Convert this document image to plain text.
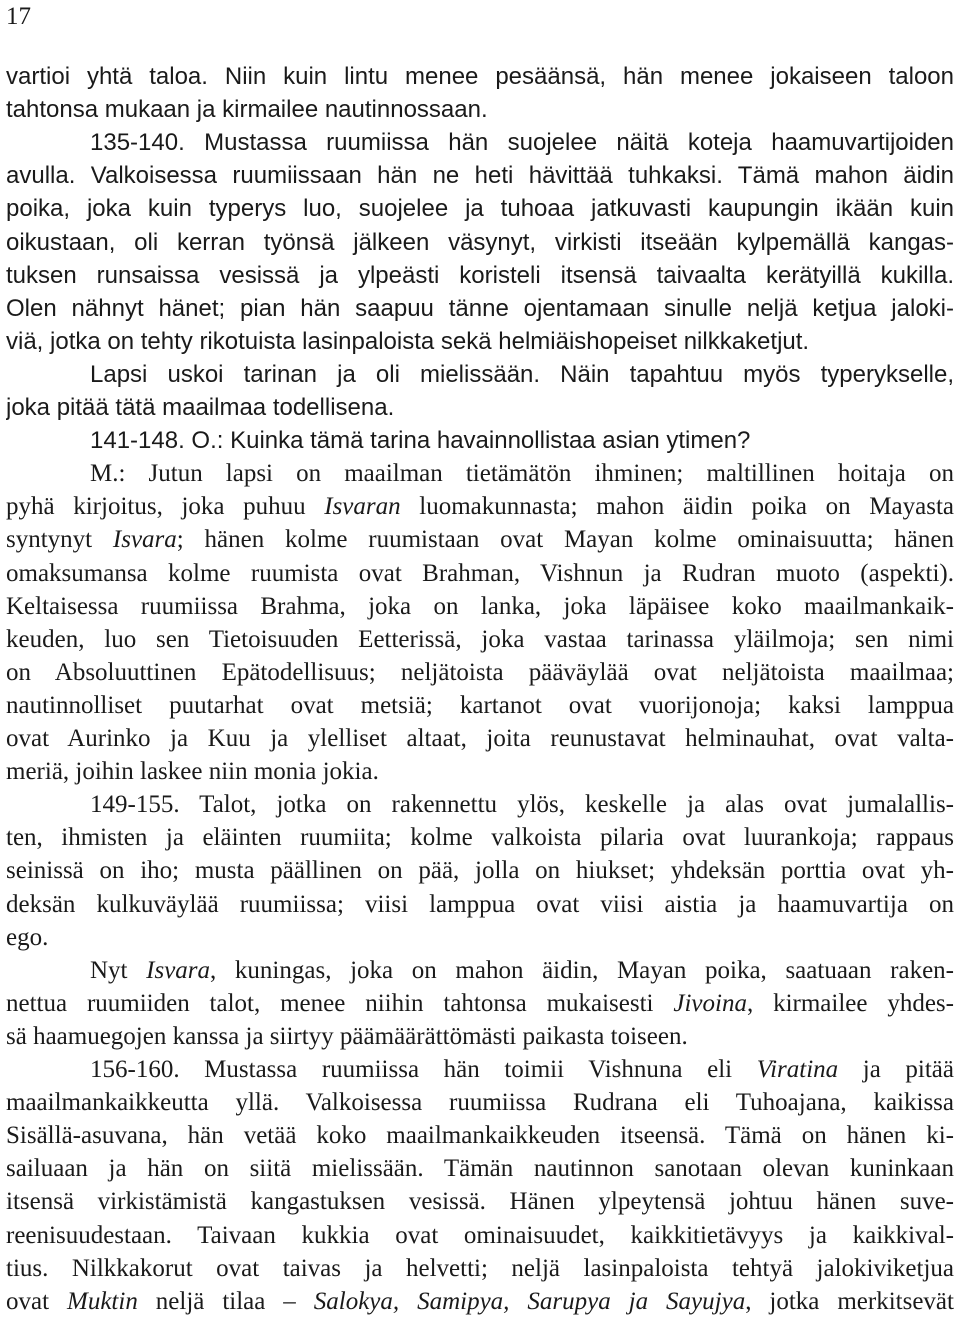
17
vartioi yhtä taloa. Niin kuin lintu menee pesäänsä, hän menee jokaiseen taloon
tahtonsa mukaan ja kirmailee nautinnossaan.
135-140. Mustassa ruumiissa hän suojelee näitä koteja haamuvartijoiden
avulla. Valkoisessa ruumiissaan hän ne heti hävittää tuhkaksi. Tämä mahon äidin
poika, joka kuin typerys luo, suojelee ja tuhoaa jatkuvasti kaupungin ikään kuin
oikustaan, oli kerran työnsä jälkeen väsynyt, virkisti itseään kylpemällä kangas-
tuksen runsaissa vesissä ja ylpeästi koristeli itsensä taivaalta kerätyillä kukilla.
Olen nähnyt hänet; pian hän saapuu tänne ojentamaan sinulle neljä ketjua jaloki-
viä, jotka on tehty rikotuista lasinpaloista sekä helmiäishopeiset nilkkaketjut.
Lapsi uskoi tarinan ja oli mielissään. Näin tapahtuu myös typerykselle,
joka pitää tätä maailmaa todellisena.
141-148. O.: Kuinka tämä tarina havainnollistaa asian ytimen?
M.: Jutun lapsi on maailman tietämätön ihminen; maltillinen hoitaja on
pyhä kirjoitus, joka puhuu Isvaran luomakunnasta; mahon äidin poika on Mayasta
syntynyt Isvara; hänen kolme ruumistaan ovat Mayan kolme ominaisuutta; hänen
omaksumansa kolme ruumista ovat Brahman, Vishnun ja Rudran muoto (aspekti).
Keltaisessa ruumiissa Brahma, joka on lanka, joka läpäisee koko maailmankaik-
keuden, luo sen Tietoisuuden Eetterissä, joka vastaa tarinassa yläilmoja; sen nimi
on Absoluuttinen Epätodellisuus; neljätoista pääväylää ovat neljätoista maailmaa;
nautinnolliset puutarhat ovat metsiä; kartanot ovat vuorijonoja; kaksi lamppua
ovat Aurinko ja Kuu ja ylelliset altaat, joita reunustavat helminauhat, ovat valta-
meriä, joihin laskee niin monia jokia.
149-155. Talot, jotka on rakennettu ylös, keskelle ja alas ovat jumalallis-
ten, ihmisten ja eläinten ruumiita; kolme valkoista pilaria ovat luurankoja; rappaus
seinissä on iho; musta päällinen on pää, jolla on hiukset; yhdeksän porttia ovat yh-
deksän kulkuväylää ruumiissa; viisi lamppua ovat viisi aistia ja haamuvartija on
ego.
Nyt Isvara, kuningas, joka on mahon äidin, Mayan poika, saatuaan raken-
nettua ruumiiden talot, menee niihin tahtonsa mukaisesti Jivoina, kirmailee yhdes-
sä haamuegojen kanssa ja siirtyy päämäärättömästi paikasta toiseen.
156-160. Mustassa ruumiissa hän toimii Vishnuna eli Viratina ja pitää
maailmankaikkeutta yllä. Valkoisessa ruumiissa Rudrana eli Tuhoajana, kaikissa
Sisällä-asuvana, hän vetää koko maailmankaikkeuden itseensä. Tämä on hänen ki-
sailuaan ja hän on siitä mielissään. Tämän nautinnon sanotaan olevan kuninkaan
itsensä virkistämistä kangastuksen vesissä. Hänen ylpeytensä johtuu hänen suve-
reenisuudestaan. Taivaan kukkia ovat ominaisuudet, kaikkitietävyys ja kaikkival-
tius. Nilkkakorut ovat taivas ja helvetti; neljä lasinpaloista tehtyä jalokiviketjua
ovat Muktin neljä tilaa – Salokya, Samipya, Sarupya ja Sayujya, jotka merkitsevät
